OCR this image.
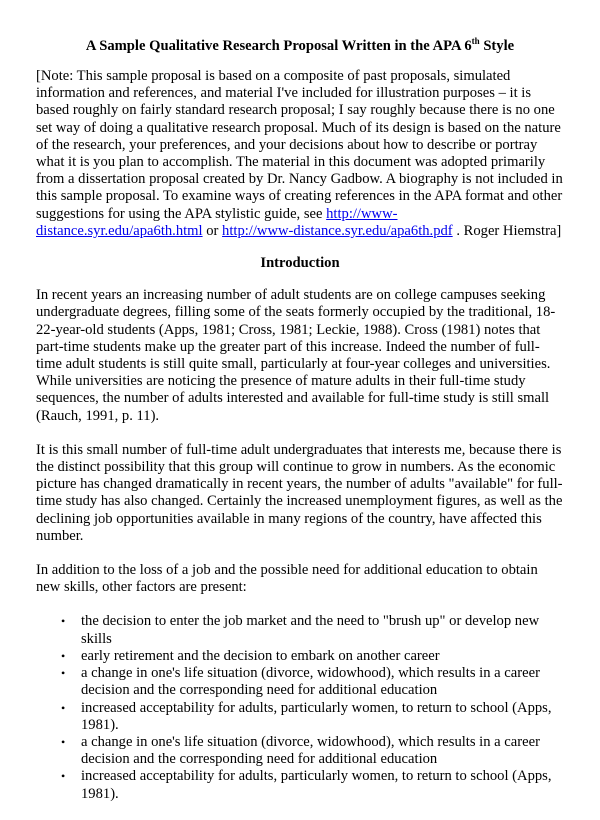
A Sample Qualitative Research Proposal Written in the APA 6th Style

[Note: This sample proposal is based on a composite of past proposals, simulated information and references, and material I've included for illustration purposes – it is based roughly on fairly standard research proposal; I say roughly because there is no one set way of doing a qualitative research proposal. Much of its design is based on the nature of the research, your preferences, and your decisions about how to describe or portray what it is you plan to accomplish. The material in this document was adopted primarily from a dissertation proposal created by Dr. Nancy Gadbow. A biography is not included in this sample proposal. To examine ways of creating references in the APA format and other suggestions for using the APA stylistic guide, see http://www-distance.syr.edu/apa6th.html or http://www-distance.syr.edu/apa6th.pdf . Roger Hiemstra]

Introduction

In recent years an increasing number of adult students are on college campuses seeking undergraduate degrees, filling some of the seats formerly occupied by the traditional, 18-22-year-old students (Apps, 1981; Cross, 1981; Leckie, 1988). Cross (1981) notes that part-time students make up the greater part of this increase. Indeed the number of full-time adult students is still quite small, particularly at four-year colleges and universities. While universities are noticing the presence of mature adults in their full-time study sequences, the number of adults interested and available for full-time study is still small (Rauch, 1991, p. 11).

It is this small number of full-time adult undergraduates that interests me, because there is the distinct possibility that this group will continue to grow in numbers. As the economic picture has changed dramatically in recent years, the number of adults "available" for full-time study has also changed. Certainly the increased unemployment figures, as well as the declining job opportunities available in many regions of the country, have affected this number.

In addition to the loss of a job and the possible need for additional education to obtain new skills, other factors are present:

• the decision to enter the job market and the need to "brush up" or develop new skills
• early retirement and the decision to embark on another career
• a change in one's life situation (divorce, widowhood), which results in a career decision and the corresponding need for additional education
• increased acceptability for adults, particularly women, to return to school (Apps, 1981).
• a change in one's life situation (divorce, widowhood), which results in a career decision and the corresponding need for additional education
• increased acceptability for adults, particularly women, to return to school (Apps, 1981).
